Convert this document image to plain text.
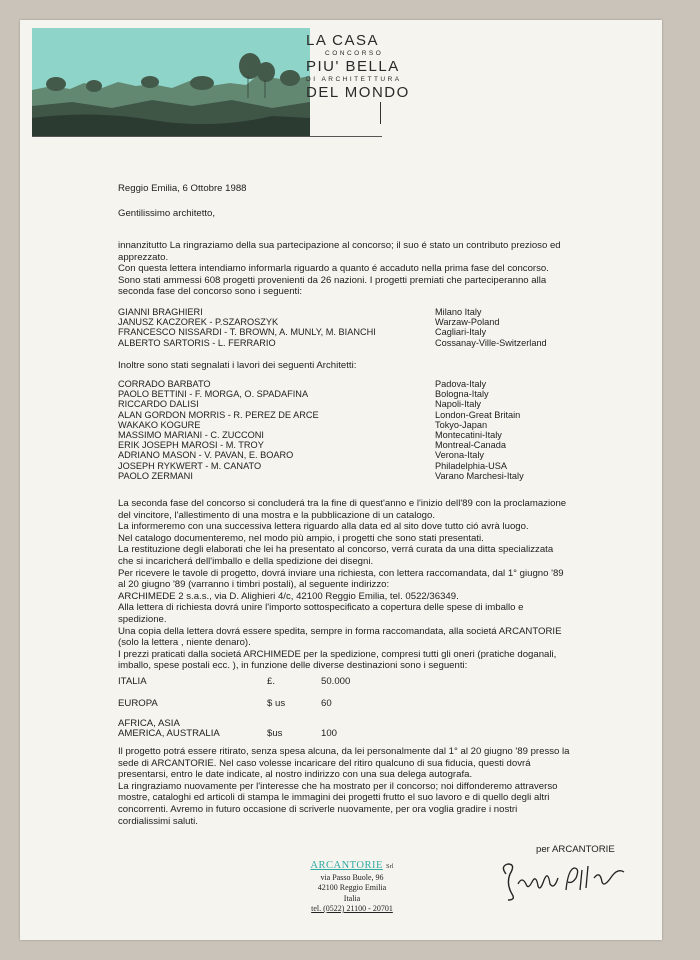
LA CASA
CONCORSO
PIU' BELLA
DI ARCHITETTURA
DEL MONDO
Reggio Emilia, 6 Ottobre 1988
Gentilissimo architetto,
innanzitutto La ringraziamo della sua partecipazione al concorso; il suo é stato un contributo prezioso ed
apprezzato.
Con questa lettera intendiamo informarla riguardo a quanto é accaduto nella prima fase del concorso.
Sono stati ammessi 608 progetti provenienti da 26 nazioni. I progetti premiati che parteciperanno alla
seconda fase del concorso sono i seguenti:
GIANNI BRAGHIERI	Milano Italy
JANUSZ KACZOREK - P.SZAROSZYK	Warzaw-Poland
FRANCESCO NISSARDI - T. BROWN, A. MUNLY, M. BIANCHI	Cagliari-Italy
ALBERTO SARTORIS - L. FERRARIO	Cossanay-Ville-Switzerland
Inoltre sono stati segnalati i lavori dei seguenti Architetti:
CORRADO BARBATO	Padova-Italy
PAOLO BETTINI - F. MORGA, O. SPADAFINA	Bologna-Italy
RICCARDO DALISI	Napoli-Italy
ALAN GORDON MORRIS - R. PEREZ DE ARCE	London-Great Britain
WAKAKO KOGURE	Tokyo-Japan
MASSIMO MARIANI - C. ZUCCONI	Montecatini-Italy
ERIK JOSEPH MAROSI - M. TROY	Montreal-Canada
ADRIANO MASON - V. PAVAN, E. BOARO	Verona-Italy
JOSEPH RYKWERT - M. CANATO	Philadelphia-USA
PAOLO ZERMANI	Varano Marchesi-Italy
La seconda fase del concorso si concluderá tra la fine di quest'anno e l'inizio dell'89 con la proclamazione
del vincitore, l'allestimento di una mostra e la pubblicazione di un catalogo.
La informeremo con una successiva lettera riguardo alla data ed al sito dove tutto ció avrà luogo.
Nel catalogo documenteremo, nel modo più ampio, i progetti che sono stati presentati.
La restituzione degli elaborati che lei ha presentato al concorso, verrá curata da una ditta specializzata
che si incaricherá dell'imballo e della spedizione dei disegni.
Per ricevere le tavole di progetto, dovrá inviare una richiesta, con lettera raccomandata, dal 1° giugno '89
al 20 giugno '89 (varranno i timbri postali), al seguente indirizzo:
ARCHIMEDE 2 s.a.s., via D. Alighieri 4/c, 42100 Reggio Emilia, tel. 0522/36349.
Alla lettera di richiesta dovrá unire l'importo sottospecificato a copertura delle spese di imballo e
spedizione.
Una copia della lettera dovrá essere spedita, sempre in forma raccomandata, alla societá ARCANTORIE
(solo la lettera , niente denaro).
I prezzi praticati dalla societá ARCHIMEDE per la spedizione, compresi tutti gli oneri (pratiche doganali,
imballo, spese postali ecc. ), in funzione delle diverse destinazioni sono i seguenti:
ITALIA	£.	50.000
EUROPA	$ us	60
AFRICA, ASIA
AMERICA, AUSTRALIA	$us	100
Il progetto potrá essere ritirato, senza spesa alcuna, da lei personalmente dal 1° al 20 giugno '89 presso la
sede di ARCANTORIE. Nel caso volesse incaricare del ritiro qualcuno di sua fiducia, questi dovrá
presentarsi, entro le date indicate, al nostro indirizzo con una sua delega autografa.
La ringraziamo nuovamente per l'interesse che ha mostrato per il concorso; noi diffonderemo attraverso
mostre, cataloghi ed articoli di stampa le immagini dei progetti frutto el suo lavoro e di quello degli altri
concorrenti. Avremo in futuro occasione di scriverle nuovamente, per ora voglia gradire i nostri
cordialissimi saluti.
per ARCANTORIE
ARCANTORIE Srl
via Passo Buole, 96
42100 Reggio Emilia
Italia
tel. (0522) 21100 - 20701
